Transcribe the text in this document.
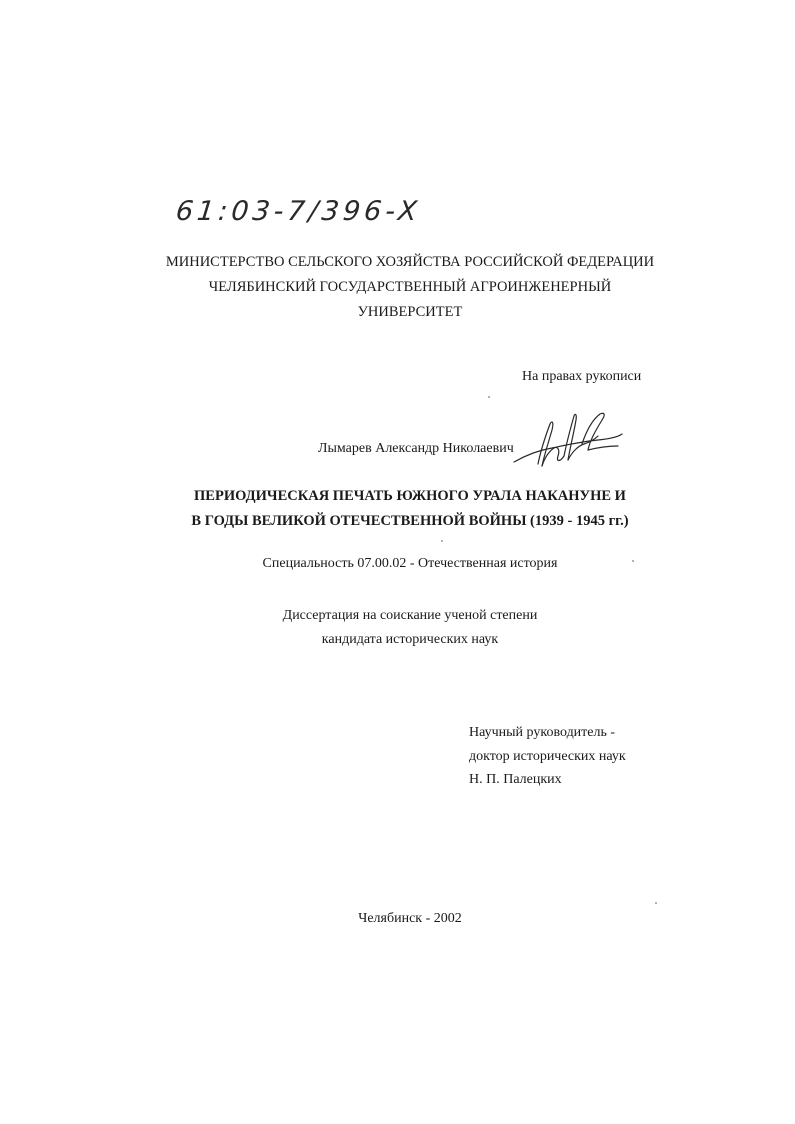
61:03-7/396-X
МИНИСТЕРСТВО СЕЛЬСКОГО ХОЗЯЙСТВА РОССИЙСКОЙ ФЕДЕРАЦИИ
ЧЕЛЯБИНСКИЙ ГОСУДАРСТВЕННЫЙ АГРОИНЖЕНЕРНЫЙ
УНИВЕРСИТЕТ
На правах рукописи
Лымарев Александр Николаевич
ПЕРИОДИЧЕСКАЯ ПЕЧАТЬ ЮЖНОГО УРАЛА НАКАНУНЕ И
В ГОДЫ ВЕЛИКОЙ ОТЕЧЕСТВЕННОЙ ВОЙНЫ (1939 - 1945 гг.)
Специальность 07.00.02 - Отечественная история
Диссертация на соискание ученой степени
кандидата исторических наук
Научный руководитель -
доктор исторических наук
Н. П. Палецких
Челябинск - 2002
